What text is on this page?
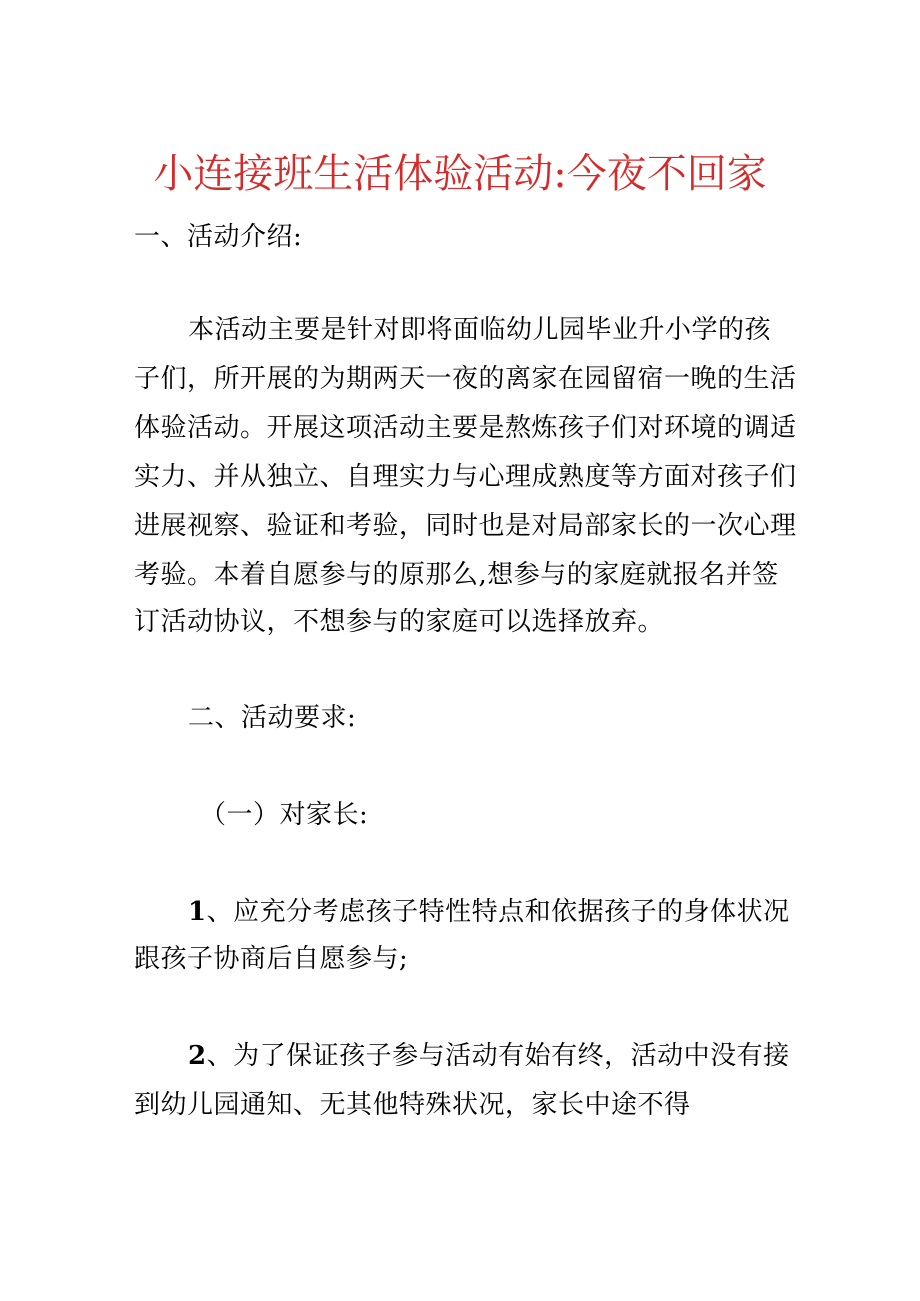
小连接班生活体验活动:今夜不回家
一、活动介绍:
本活动主要是针对即将面临幼儿园毕业升小学的孩
子们，所开展的为期两天一夜的离家在园留宿一晚的生活
体验活动。开展这项活动主要是熬炼孩子们对环境的调适
实力、并从独立、自理实力与心理成熟度等方面对孩子们
进展视察、验证和考验，同时也是对局部家长的一次心理
考验。本着自愿参与的原那么,想参与的家庭就报名并签
订活动协议，不想参与的家庭可以选择放弃。
二、活动要求:
（一）对家长:
1、应充分考虑孩子特性特点和依据孩子的身体状况
跟孩子协商后自愿参与;
2、为了保证孩子参与活动有始有终，活动中没有接
到幼儿园通知、无其他特殊状况，家长中途不得
